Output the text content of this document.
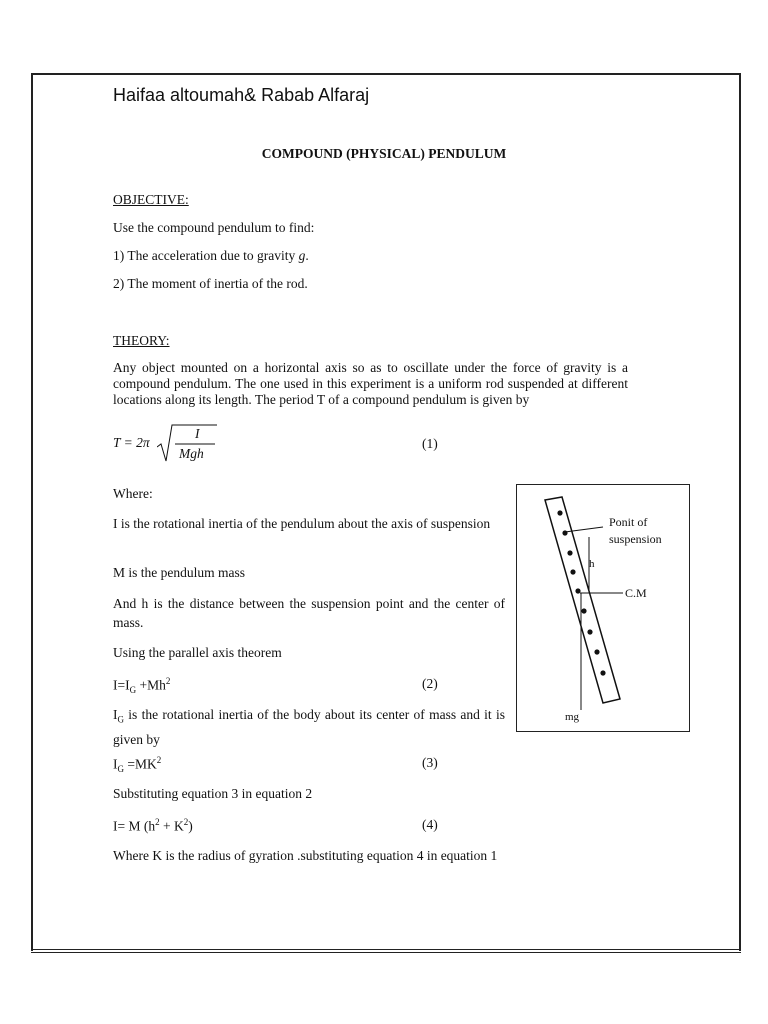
Haifaa altoumah& Rabab Alfaraj
COMPOUND (PHYSICAL) PENDULUM
OBJECTIVE:
Use the compound pendulum to find:
1) The acceleration due to gravity g.
2) The moment of inertia of the rod.
THEORY:
Any object mounted on a horizontal axis so as to oscillate under the force of gravity is a compound pendulum. The one used in this experiment is a uniform rod suspended at different locations along its length. The period T of a compound pendulum is given by
T = 2π
I
Mgh
(1)
Where:
I is the rotational inertia of the pendulum about the axis of suspension
M is the pendulum mass
And h is the distance between the suspension point and the center of mass.
Using the parallel axis theorem
$I=I_G +Mh^2$	(2)
$I_G$ is the rotational inertia of the body about its center of mass and it is given by
$I_G =MK^2$	(3)
Substituting equation 3 in equation 2
I= M $(h^2 + K^2)$	(4)
Where K is the radius of gyration .substituting equation 4 in equation 1
Ponit of
suspension
h
C.M
mg
